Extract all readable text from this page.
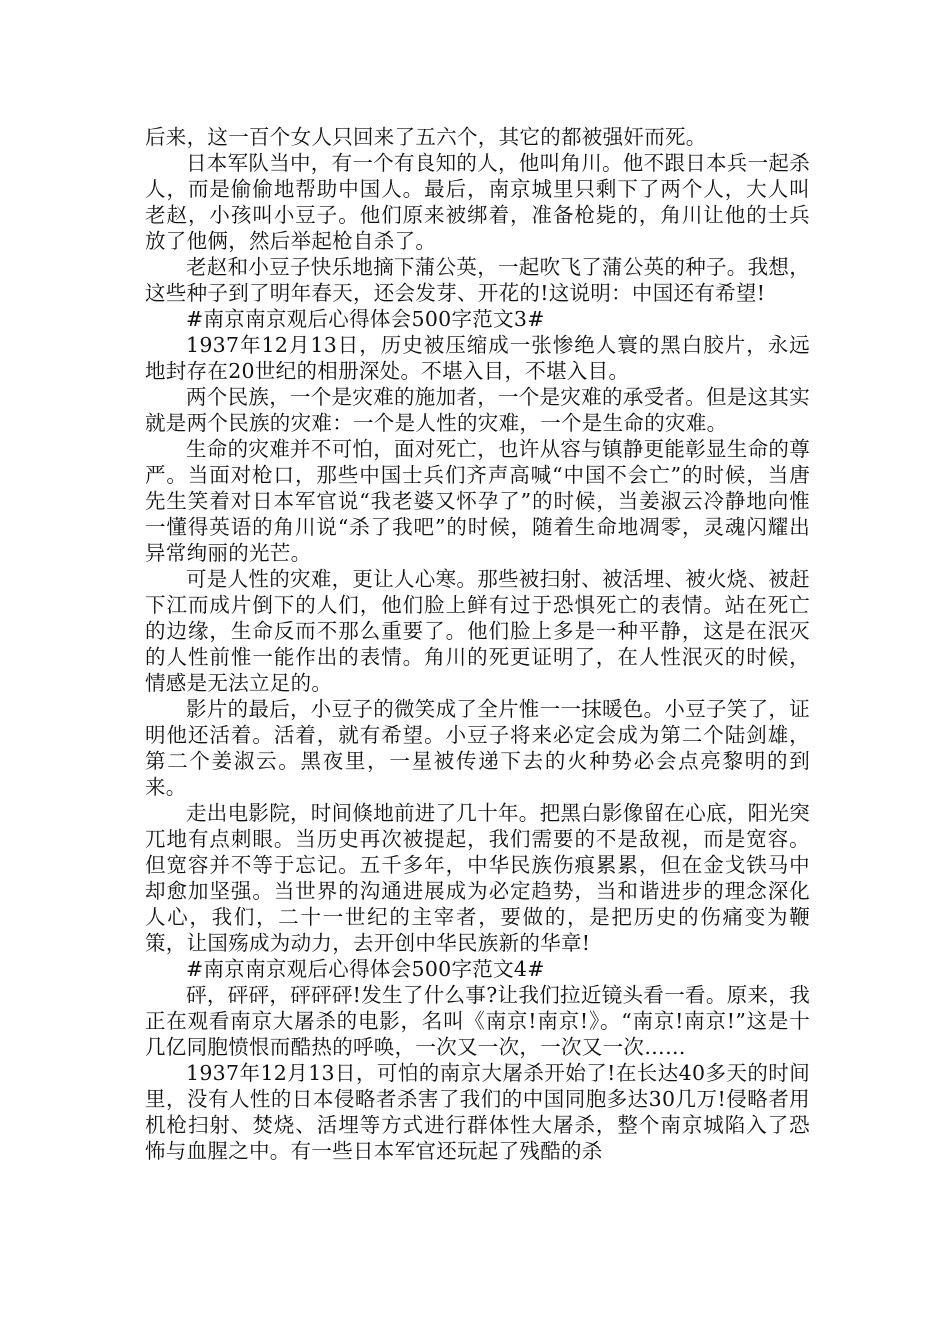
后来，这一百个女人只回来了五六个，其它的都被强奸而死。

日本军队当中，有一个有良知的人，他叫角川。他不跟日本兵一起杀人，而是偷偷地帮助中国人。最后，南京城里只剩下了两个人，大人叫老赵，小孩叫小豆子。他们原来被绑着，准备枪毙的，角川让他的士兵放了他俩，然后举起枪自杀了。

老赵和小豆子快乐地摘下蒲公英，一起吹飞了蒲公英的种子。我想，这些种子到了明年春天，还会发芽、开花的!这说明：中国还有希望!

#南京南京观后心得体会500字范文3#

1937年12月13日，历史被压缩成一张惨绝人寰的黑白胶片，永远地封存在20世纪的相册深处。不堪入目，不堪入目。

两个民族，一个是灾难的施加者，一个是灾难的承受者。但是这其实就是两个民族的灾难：一个是人性的灾难，一个是生命的灾难。

生命的灾难并不可怕，面对死亡，也许从容与镇静更能彰显生命的尊严。当面对枪口，那些中国士兵们齐声高喊“中国不会亡”的时候，当唐先生笑着对日本军官说“我老婆又怀孕了”的时候，当姜淑云冷静地向惟一懂得英语的角川说“杀了我吧”的时候，随着生命地凋零，灵魂闪耀出异常绚丽的光芒。

可是人性的灾难，更让人心寒。那些被扫射、被活埋、被火烧、被赶下江而成片倒下的人们，他们脸上鲜有过于恐惧死亡的表情。站在死亡的边缘，生命反而不那么重要了。他们脸上多是一种平静，这是在泯灭的人性前惟一能作出的表情。角川的死更证明了，在人性泯灭的时候，情感是无法立足的。

影片的最后，小豆子的微笑成了全片惟一一抹暖色。小豆子笑了，证明他还活着。活着，就有希望。小豆子将来必定会成为第二个陆剑雄，第二个姜淑云。黑夜里，一星被传递下去的火种势必会点亮黎明的到来。

走出电影院，时间倏地前进了几十年。把黑白影像留在心底，阳光突兀地有点刺眼。当历史再次被提起，我们需要的不是敌视，而是宽容。但宽容并不等于忘记。五千多年，中华民族伤痕累累，但在金戈铁马中却愈加坚强。当世界的沟通进展成为必定趋势，当和谐进步的理念深化人心，我们，二十一世纪的主宰者，要做的，是把历史的伤痛变为鞭策，让国殇成为动力，去开创中华民族新的华章!

#南京南京观后心得体会500字范文4#

砰，砰砰，砰砰砰!发生了什么事?让我们拉近镜头看一看。原来，我正在观看南京大屠杀的电影，名叫《南京!南京!》。“南京!南京!”这是十几亿同胞愤恨而酷热的呼唤，一次又一次，一次又一次……

1937年12月13日，可怕的南京大屠杀开始了!在长达40多天的时间里，没有人性的日本侵略者杀害了我们的中国同胞多达30几万!侵略者用机枪扫射、焚烧、活埋等方式进行群体性大屠杀，整个南京城陷入了恐怖与血腥之中。有一些日本军官还玩起了残酷的杀
